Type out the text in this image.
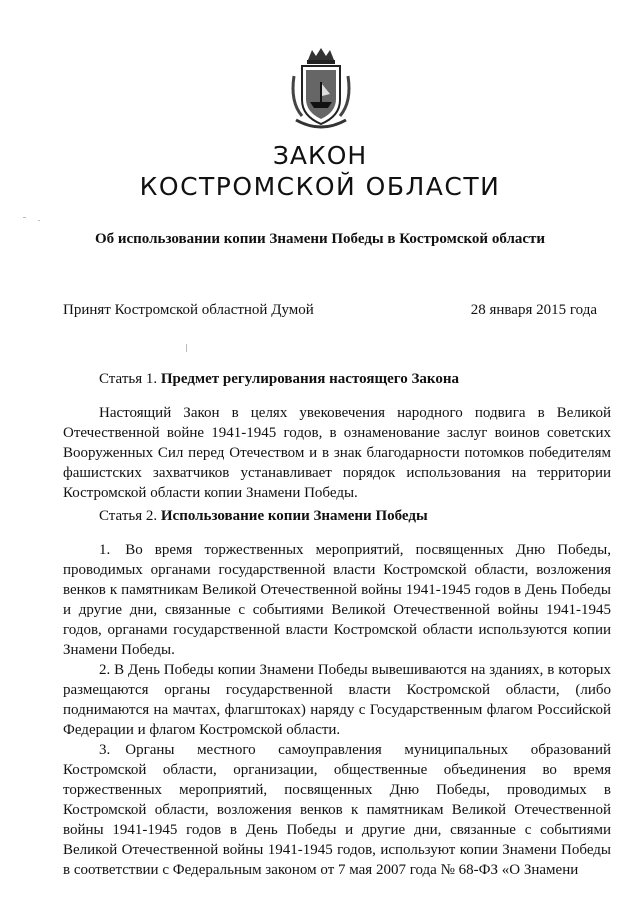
ЗАКОН
КОСТРОМСКОЙ ОБЛАСТИ
Об использовании копии Знамени Победы в Костромской области
Принят Костромской областной Думой	28 января 2015 года
Статья 1. Предмет регулирования настоящего Закона

Настоящий Закон в целях увековечения народного подвига в Великой Отечественной войне 1941-1945 годов, в ознаменование заслуг воинов советских Вооруженных Сил перед Отечеством и в знак благодарности потомков победителям фашистских захватчиков устанавливает порядок использования на территории Костромской области копии Знамени Победы.

Статья 2. Использование копии Знамени Победы

1. Во время торжественных мероприятий, посвященных Дню Победы, проводимых органами государственной власти Костромской области, возложения венков к памятникам Великой Отечественной войны 1941-1945 годов в День Победы и другие дни, связанные с событиями Великой Отечественной войны 1941-1945 годов, органами государственной власти Костромской области используются копии Знамени Победы.

2. В День Победы копии Знамени Победы вывешиваются на зданиях, в которых размещаются органы государственной власти Костромской области, (либо поднимаются на мачтах, флагштоках) наряду с Государственным флагом Российской Федерации и флагом Костромской области.

3. Органы местного самоуправления муниципальных образований Костромской области, организации, общественные объединения во время торжественных мероприятий, посвященных Дню Победы, проводимых в Костромской области, возложения венков к памятникам Великой Отечественной войны 1941-1945 годов в День Победы и другие дни, связанные с событиями Великой Отечественной войны 1941-1945 годов, используют копии Знамени Победы в соответствии с Федеральным законом от 7 мая 2007 года № 68-ФЗ «О Знамени
